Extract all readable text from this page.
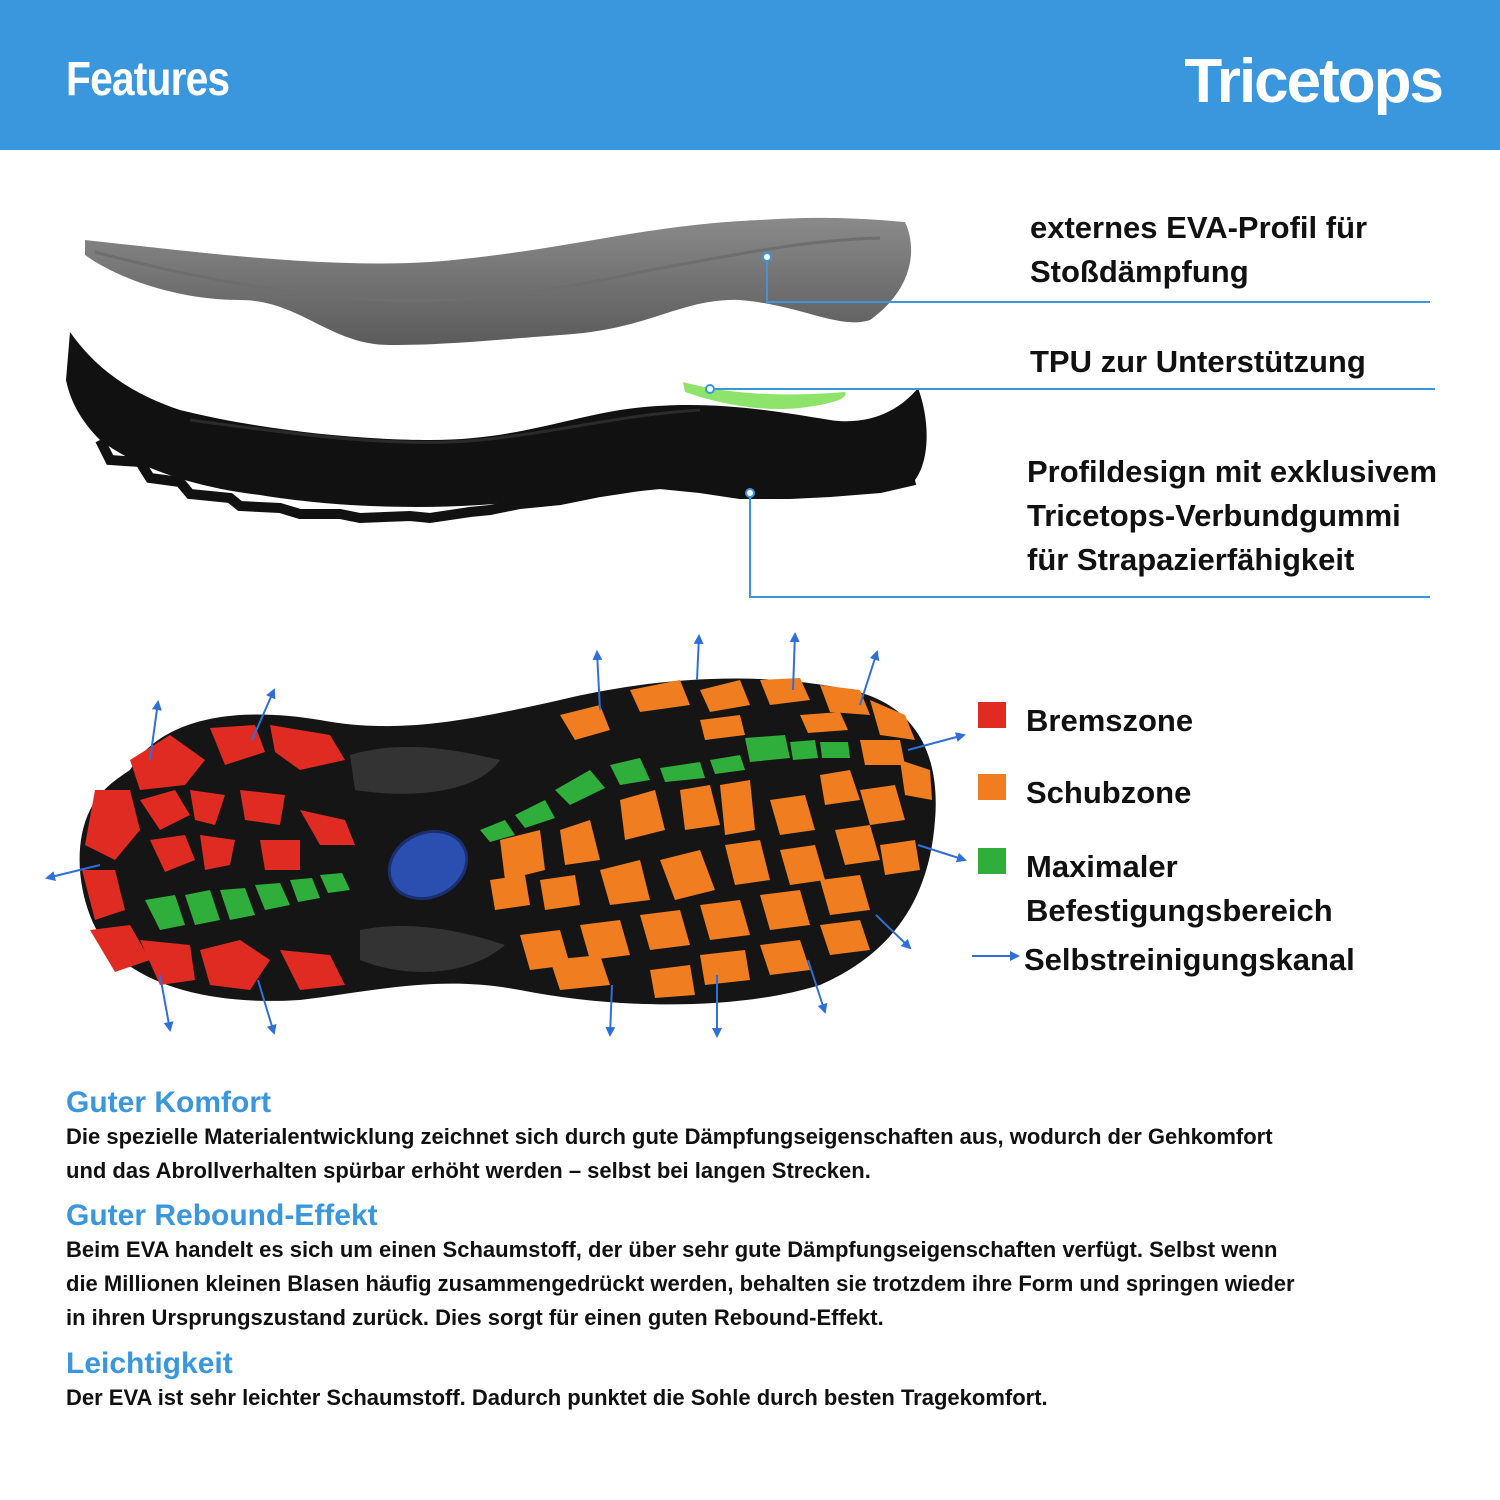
Features	Tricetops
externes EVA-Profil für
Stoßdämpfung
TPU zur Unterstützung
Profildesign mit exklusivem
Tricetops-Verbundgummi
für Strapazierfähigkeit
Bremszone
Schubzone
Maximaler
Befestigungsbereich
Selbstreinigungskanal

Guter Komfort

Die spezielle Materialentwicklung zeichnet sich durch gute Dämpfungseigenschaften aus, wodurch der Gehkomfort

und das Abrollverhalten spürbar erhöht werden – selbst bei langen Strecken.

Guter Rebound-Effekt

Beim EVA handelt es sich um einen Schaumstoff, der über sehr gute Dämpfungseigenschaften verfügt. Selbst wenn

die Millionen kleinen Blasen häufig zusammengedrückt werden, behalten sie trotzdem ihre Form und springen wieder

in ihren Ursprungszustand zurück. Dies sorgt für einen guten Rebound-Effekt.

Leichtigkeit

Der EVA ist sehr leichter Schaumstoff. Dadurch punktet die Sohle durch besten Tragekomfort.
